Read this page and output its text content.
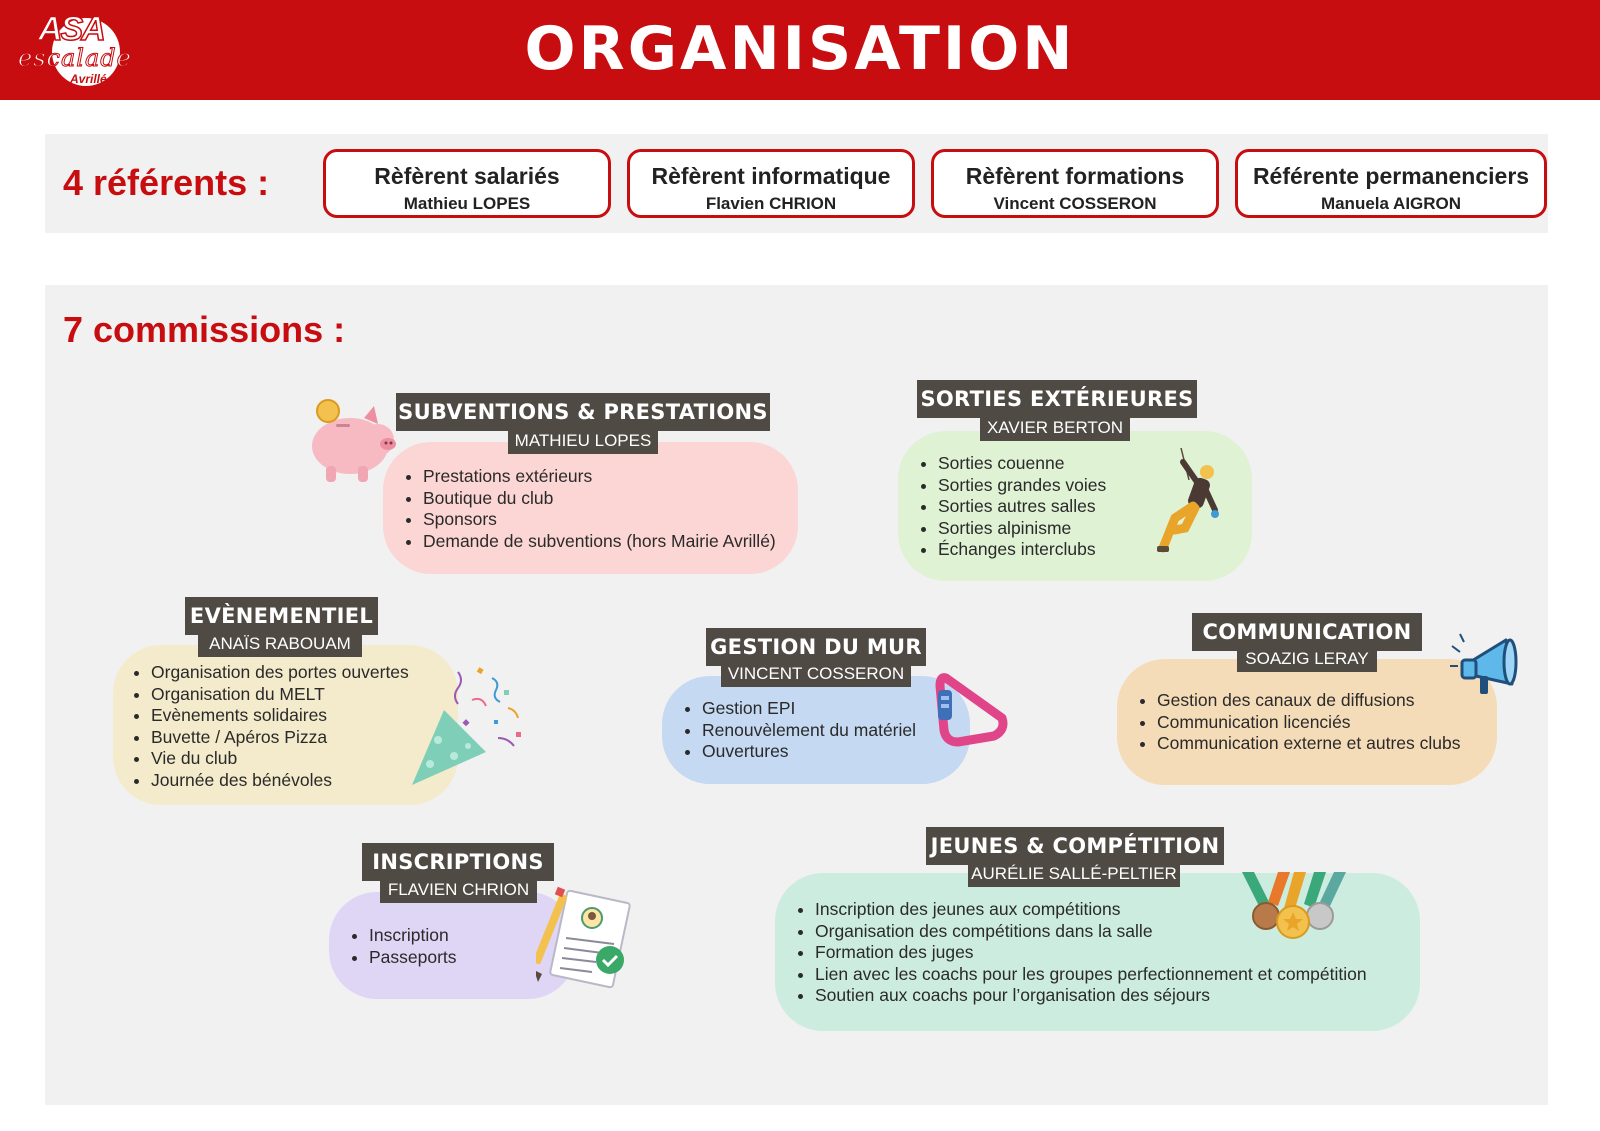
ASA
escalade
Avrillé	ORGANISATION
4 référents :	Rèfèrent salariés
Mathieu LOPES
Rèfèrent informatique
Flavien CHRION
Rèfèrent formations
Vincent COSSERON
Référente permanenciers
Manuela AIGRON
7 commissions :
• Prestations extérieurs
• Boutique du club
• Sponsors
• Demande de subventions (hors Mairie Avrillé)
SUBVENTIONS & PRESTATIONS
MATHIEU LOPES
• Sorties couenne
• Sorties grandes voies
• Sorties autres salles
• Sorties alpinisme
• Échanges interclubs
SORTIES EXTÉRIEURES
XAVIER BERTON
• Organisation des portes ouvertes
• Organisation du MELT
• Evènements solidaires
• Buvette / Apéros Pizza
• Vie du club
• Journée des bénévoles
EVÈNEMENTIEL
ANAÏS RABOUAM
• Gestion EPI
• Renouvèlement du matériel
• Ouvertures
GESTION DU MUR
VINCENT COSSERON
• Gestion des canaux de diffusions
• Communication licenciés
• Communication externe et autres clubs
COMMUNICATION
SOAZIG LERAY
• Inscription
• Passeports
INSCRIPTIONS
FLAVIEN CHRION
• Inscription des jeunes aux compétitions
• Organisation des compétitions dans la salle
• Formation des juges
• Lien avec les coachs pour les groupes perfectionnement et compétition
• Soutien aux coachs pour l’organisation des séjours
JEUNES & COMPÉTITION
AURÉLIE SALLÉ-PELTIER
